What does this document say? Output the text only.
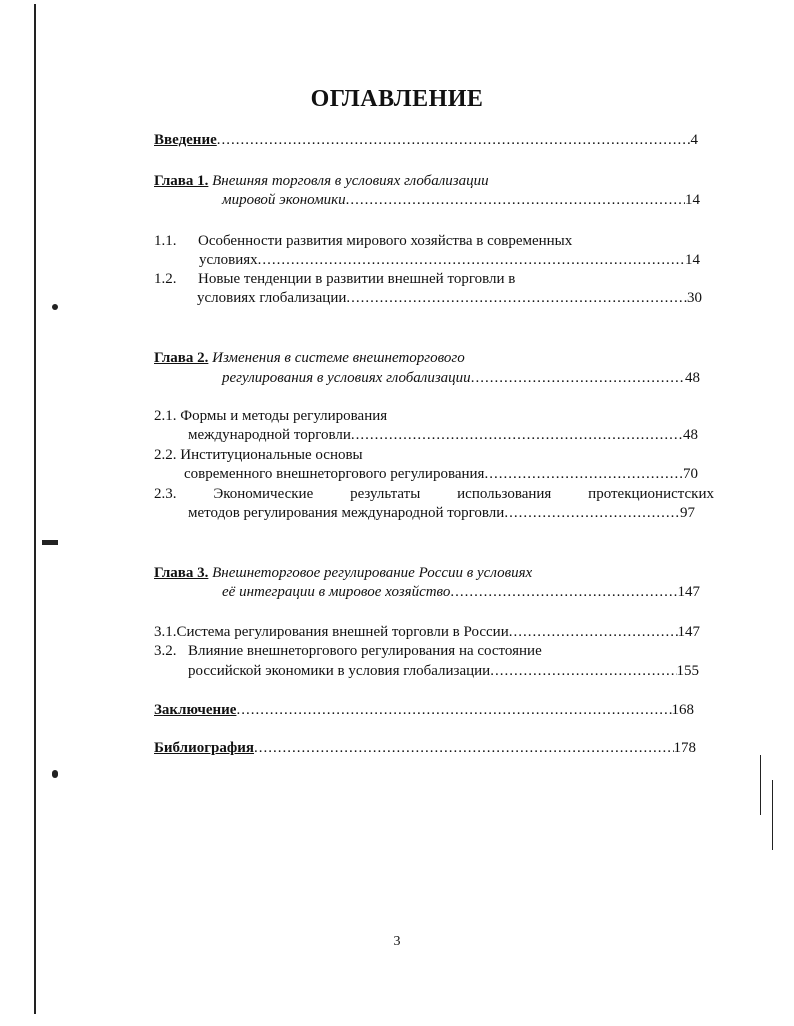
ОГЛАВЛЕНИЕ
Введение .....	4
Глава 1.
Внешняя торговля в условиях глобализации
мировой экономики .....	14
1.1.	Особенности развития мирового хозяйства в современных
условиях .....	14
1.2.	Новые тенденции в развитии внешней торговли в
условиях глобализации .....	30
Глава 2.
Изменения в системе внешнеторгового
регулирования в условиях глобализации .....	48
2.1.
Формы и методы регулирования
международной торговли .....	48
2.2.
Институциональные основы
современного внешнеторгового регулирования .....	70
2.3. Экономические результаты использования протекционистских
методов регулирования международной торговли .....	97
Глава 3.
Внешнеторговое регулирование России в условиях
её интеграции в мировое хозяйство .....	147
3.1. Система регулирования внешней торговли в России .....	147
3.2. Влияние внешнеторгового регулирования на состояние
российской экономики в условия глобализации .....	155
Заключение .....	168
Библиография .....	178
3
